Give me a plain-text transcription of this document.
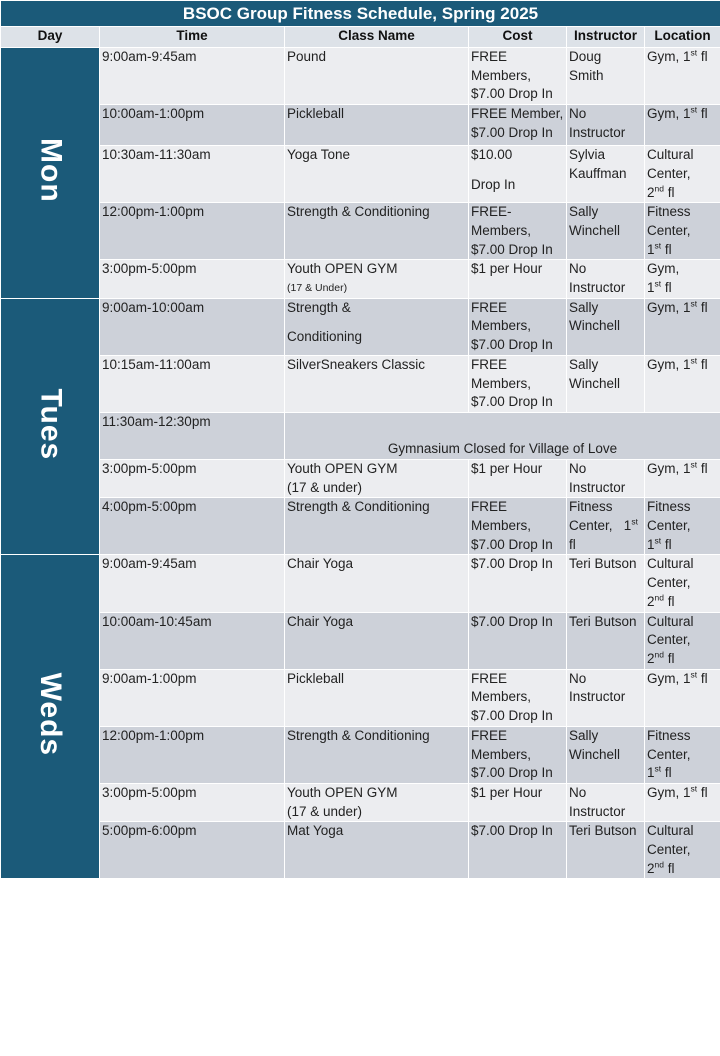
BSOC Group Fitness Schedule, Spring 2025					
Day	Time	Class Name	Cost	Instructor	Location
Mon	9:00am-9:45am	Pound	FREE
Members,
$7.00 Drop In	Doug
Smith	Gym, 1st fl
	10:00am-1:00pm	Pickleball	FREE Member,
$7.00 Drop In	No
Instructor	Gym, 1st fl
	10:30am-11:30am	Yoga Tone	$10.00
Drop In	Sylvia
Kauffman	Cultural
Center,
2nd fl

	12:00pm-1:00pm	Strength & Conditioning	FREE-
Members,
$7.00 Drop In	Sally
Winchell	Fitness
Center,
1st fl

	3:00pm-5:00pm	Youth OPEN GYM
(17 & Under)	$1 per Hour	No
Instructor	Gym,
1st fl

Tues	9:00am-10:00am	Strength &
Conditioning	FREE
Members,
$7.00 Drop In	Sally
Winchell	Gym, 1st fl
	10:15am-11:00am	SilverSneakers Classic	FREE
Members,
$7.00 Drop In	Sally
Winchell	Gym, 1st fl
	11:30am-12:30pm	Gymnasium Closed for Village of Love			
	3:00pm-5:00pm	Youth OPEN GYM
(17 & under)	$1 per Hour	No
Instructor	Gym, 1st fl
	4:00pm-5:00pm	Strength & Conditioning	FREE
Members,
$7.00 Drop In	Fitness
Center, 1st
fl	Fitness
Center,
1st fl

Weds	9:00am-9:45am	Chair Yoga	$7.00 Drop In	Teri Butson	Cultural
Center,
2nd fl

	10:00am-10:45am	Chair Yoga	$7.00 Drop In	Teri Butson	Cultural
Center,
2nd fl

	9:00am-1:00pm	Pickleball	FREE
Members,
$7.00 Drop In	No
Instructor	Gym, 1st fl
	12:00pm-1:00pm	Strength & Conditioning	FREE
Members,
$7.00 Drop In	Sally
Winchell	Fitness
Center,
1st fl

	3:00pm-5:00pm	Youth OPEN GYM
(17 & under)	$1 per Hour	No
Instructor	Gym, 1st fl
	5:00pm-6:00pm	Mat Yoga	$7.00 Drop In	Teri Butson	Cultural
Center,
2nd fl
